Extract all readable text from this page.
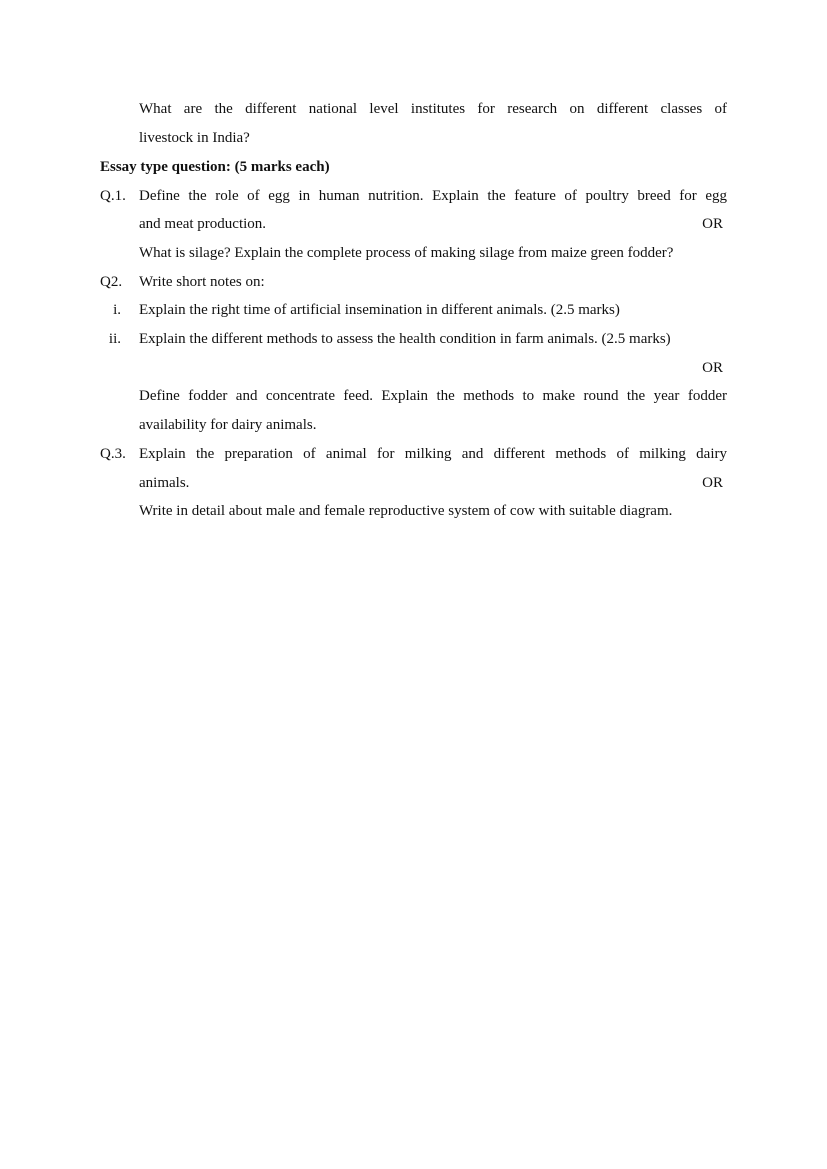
What are the different national level institutes for research on different classes of
livestock in India?
Essay type question: (5 marks each)
Q.1. Define the role of egg in human nutrition. Explain the feature of poultry breed for egg
and meat production.	OR
What is silage? Explain the complete process of making silage from maize green fodder?
Q2. Write short notes on:
i. Explain the right time of artificial insemination in different animals. (2.5 marks)
ii. Explain the different methods to assess the health condition in farm animals. (2.5 marks)
OR
Define fodder and concentrate feed. Explain the methods to make round the year fodder
availability for dairy animals.
Q.3. Explain the preparation of animal for milking and different methods of milking dairy
animals.	OR
Write in detail about male and female reproductive system of cow with suitable diagram.
